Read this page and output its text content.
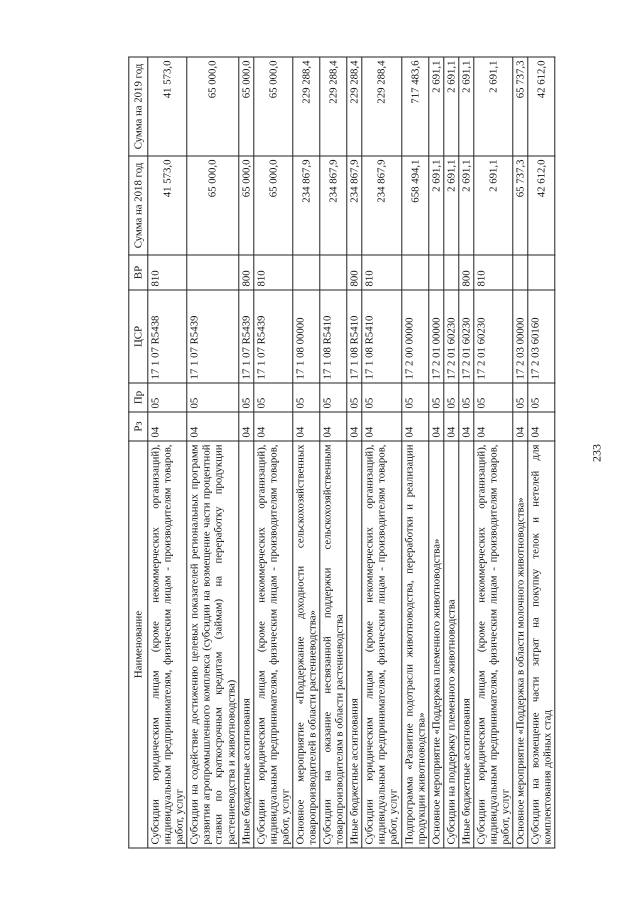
233
Наименование	Рз	Пр	ЦСР	ВР	Сумма на 2018 год	Сумма на 2019 год
Субсидии юридическим лицам (кроме некоммерческих организаций), индивидуальным предпринимателям, физическим лицам - производителям товаров, работ, услуг	04	05	17 1 07 R5438	810	41 573,0	41 573,0
Субсидии на содействие достижению целевых показателей региональных программ развития агропромышленного комплекса (субсидии на возмещение части процентной ставки по краткосрочным кредитам (займам) на переработку продукции растениеводства и животноводства)	04	05	17 1 07 R5439		65 000,0	65 000,0
Иные бюджетные ассигнования	04	05	17 1 07 R5439	800	65 000,0	65 000,0
Субсидии юридическим лицам (кроме некоммерческих организаций), индивидуальным предпринимателям, физическим лицам - производителям товаров, работ, услуг	04	05	17 1 07 R5439	810	65 000,0	65 000,0
Основное мероприятие «Поддержание доходности сельскохозяйственных товаропроизводителей в области растениеводства»	04	05	17 1 08 00000		234 867,9	229 288,4
Субсидии на оказание несвязанной поддержки сельскохозяйственным товаропроизводителям в области растениеводства	04	05	17 1 08 R5410		234 867,9	229 288,4
Иные бюджетные ассигнования	04	05	17 1 08 R5410	800	234 867,9	229 288,4
Субсидии юридическим лицам (кроме некоммерческих организаций), индивидуальным предпринимателям, физическим лицам - производителям товаров, работ, услуг	04	05	17 1 08 R5410	810	234 867,9	229 288,4
Подпрограмма «Развитие подотрасли животноводства, переработки и реализации продукции животноводства»	04	05	17 2 00 00000		658 494,1	717 483,6
Основное мероприятие «Поддержка племенного животноводства»	04	05	17 2 01 00000		2 691,1	2 691,1
Субсидии на поддержку племенного животноводства	04	05	17 2 01 60230		2 691,1	2 691,1
Иные бюджетные ассигнования	04	05	17 2 01 60230	800	2 691,1	2 691,1
Субсидии юридическим лицам (кроме некоммерческих организаций), индивидуальным предпринимателям, физическим лицам - производителям товаров, работ, услуг	04	05	17 2 01 60230	810	2 691,1	2 691,1
Основное мероприятие «Поддержка в области молочного животноводства»	04	05	17 2 03 00000		65 737,3	65 737,3
Субсидии на возмещение части затрат на покупку телок и нетелей для комплектования дойных стад	04	05	17 2 03 60160		42 612,0	42 612,0
